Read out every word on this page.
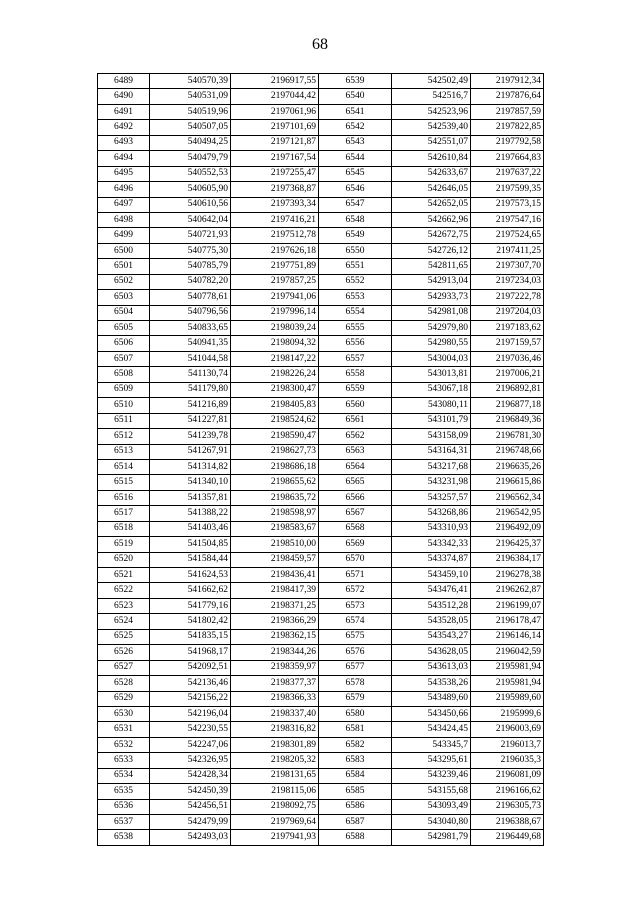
68
6489	540570,39	2196917,55	6539	542502,49	2197912,34
6490	540531,09	2197044,42	6540	542516,7	2197876,64
6491	540519,96	2197061,96	6541	542523,96	2197857,59
6492	540507,05	2197101,69	6542	542539,40	2197822,85
6493	540494,25	2197121,87	6543	542551,07	2197792,58
6494	540479,79	2197167,54	6544	542610,84	2197664,83
6495	540552,53	2197255,47	6545	542633,67	2197637,22
6496	540605,90	2197368,87	6546	542646,05	2197599,35
6497	540610,56	2197393,34	6547	542652,05	2197573,15
6498	540642,04	2197416,21	6548	542662,96	2197547,16
6499	540721,93	2197512,78	6549	542672,75	2197524,65
6500	540775,30	2197626,18	6550	542726,12	2197411,25
6501	540785,79	2197751,89	6551	542811,65	2197307,70
6502	540782,20	2197857,25	6552	542913,04	2197234,03
6503	540778,61	2197941,06	6553	542933,73	2197222,78
6504	540796,56	2197996,14	6554	542981,08	2197204,03
6505	540833,65	2198039,24	6555	542979,80	2197183,62
6506	540941,35	2198094,32	6556	542980,55	2197159,57
6507	541044,58	2198147,22	6557	543004,03	2197036,46
6508	541130,74	2198226,24	6558	543013,81	2197006,21
6509	541179,80	2198300,47	6559	543067,18	2196892,81
6510	541216,89	2198405,83	6560	543080,11	2196877,18
6511	541227,81	2198524,62	6561	543101,79	2196849,36
6512	541239,78	2198590,47	6562	543158,09	2196781,30
6513	541267,91	2198627,73	6563	543164,31	2196748,66
6514	541314,82	2198686,18	6564	543217,68	2196635,26
6515	541340,10	2198655,62	6565	543231,98	2196615,86
6516	541357,81	2198635,72	6566	543257,57	2196562,34
6517	541388,22	2198598,97	6567	543268,86	2196542,95
6518	541403,46	2198583,67	6568	543310,93	2196492,09
6519	541504,85	2198510,00	6569	543342,33	2196425,37
6520	541584,44	2198459,57	6570	543374,87	2196384,17
6521	541624,53	2198436,41	6571	543459,10	2196278,38
6522	541662,62	2198417,39	6572	543476,41	2196262,87
6523	541779,16	2198371,25	6573	543512,28	2196199,07
6524	541802,42	2198366,29	6574	543528,05	2196178,47
6525	541835,15	2198362,15	6575	543543,27	2196146,14
6526	541968,17	2198344,26	6576	543628,05	2196042,59
6527	542092,51	2198359,97	6577	543613,03	2195981,94
6528	542136,46	2198377,37	6578	543538,26	2195981,94
6529	542156,22	2198366,33	6579	543489,60	2195989,60
6530	542196,04	2198337,40	6580	543450,66	2195999,6
6531	542230,55	2198316,82	6581	543424,45	2196003,69
6532	542247,06	2198301,89	6582	543345,7	2196013,7
6533	542326,95	2198205,32	6583	543295,61	2196035,3
6534	542428,34	2198131,65	6584	543239,46	2196081,09
6535	542450,39	2198115,06	6585	543155,68	2196166,62
6536	542456,51	2198092,75	6586	543093,49	2196305,73
6537	542479,99	2197969,64	6587	543040,80	2196388,67
6538	542493,03	2197941,93	6588	542981,79	2196449,68
